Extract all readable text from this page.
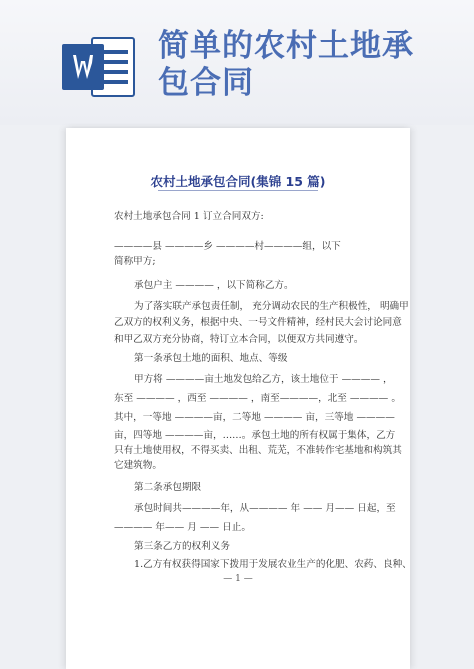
简单的农村土地承
包合同
农村土地承包合同(集锦 15 篇)
农村土地承包合同 1 订立合同双方:
————县 ————乡 ————村————组，以下
简称甲方;
承包户主 ———— ，以下简称乙方。
为了落实联产承包责任制， 充分调动农民的生产积极性， 明确甲
乙双方的权利义务，根据中央、一号文件精神，经村民大会讨论同意
和甲乙双方充分协商，特订立本合同，以便双方共同遵守。
第一条承包土地的面积、地点、等级
甲方将 ————亩土地发包给乙方，该土地位于 ———— ，
东至 ———— ，西至 ———— ，南至————，北至 ———— 。
其中，一等地 ————亩，二等地 ———— 亩，三等地 ————
亩，四等地 ————亩，……。承包土地的所有权属于集体，乙方
只有土地使用权，不得买卖、出租、荒芜，不准转作宅基地和构筑其
它建筑物。
第二条承包期限
承包时间共————年，从———— 年 —— 月—— 日起，至
———— 年—— 月 —— 日止。
第三条乙方的权利义务
1.乙方有权获得国家下拨用于发展农业生产的化肥、农药、良种、
— 1 —
